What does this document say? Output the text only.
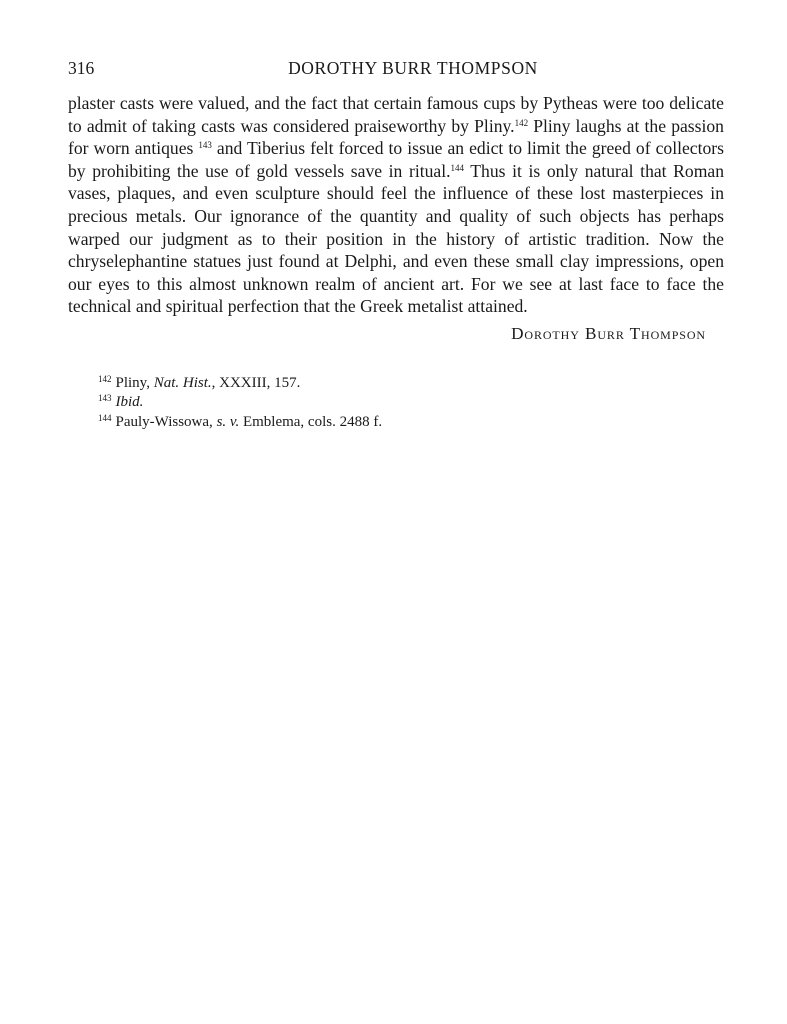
316	DOROTHY BURR THOMPSON

plaster casts were valued, and the fact that certain famous cups by Pytheas were too delicate to admit of taking casts was considered praiseworthy by Pliny.$^{142}$ Pliny laughs at the passion for worn antiques $^{143}$ and Tiberius felt forced to issue an edict to limit the greed of collectors by prohibiting the use of gold vessels save in ritual.$^{144}$ Thus it is only natural that Roman vases, plaques, and even sculpture should feel the influence of these lost masterpieces in precious metals. Our ignorance of the quantity and quality of such objects has perhaps warped our judgment as to their position in the history of artistic tradition. Now the chryselephantine statues just found at Delphi, and even these small clay impressions, open our eyes to this almost unknown realm of ancient art. For we see at last face to face the technical and spiritual perfection that the Greek metalist attained.

Dorothy Burr Thompson
$^{142}$ Pliny, Nat. Hist., XXXIII, 157.
$^{143}$ Ibid.
$^{144}$ Pauly-Wissowa, s. v. Emblema, cols. 2488 f.
